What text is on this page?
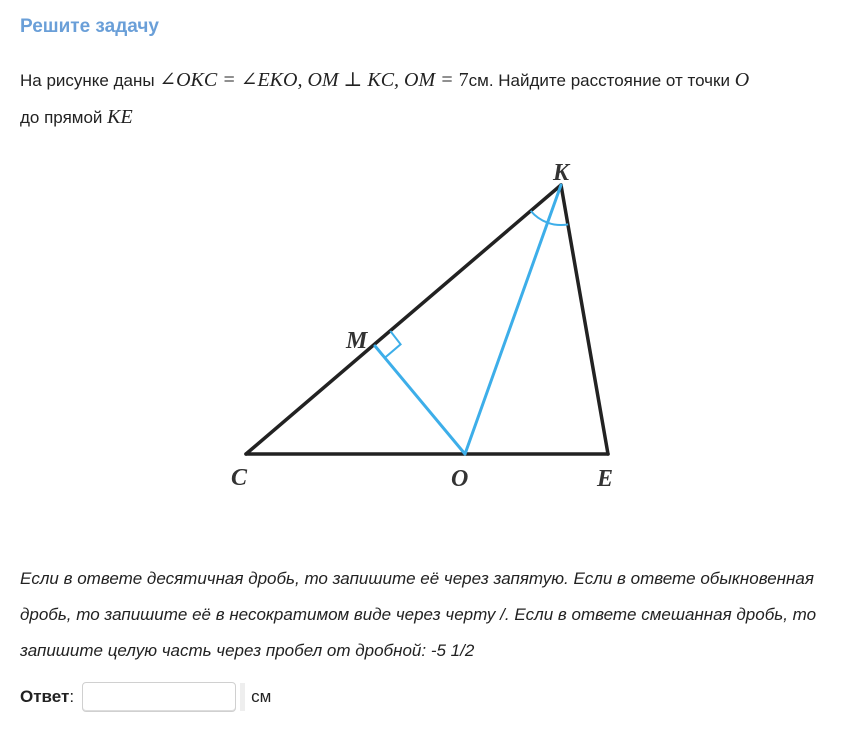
Решите задачу
На рисунке даны ∠OKC = ∠EKO, OM ⊥ KC, OM = 7см. Найдите расстояние от точки O
до прямой KE
K
M
C	O	E
Если в ответе десятичная дробь, то запишите её через запятую. Если в ответе обыкновенная дробь, то запишите её в несократимом виде через черту /. Если в ответе смешанная дробь, то запишите целую часть через пробел от дробной: -5 1/2
Ответ :	см
